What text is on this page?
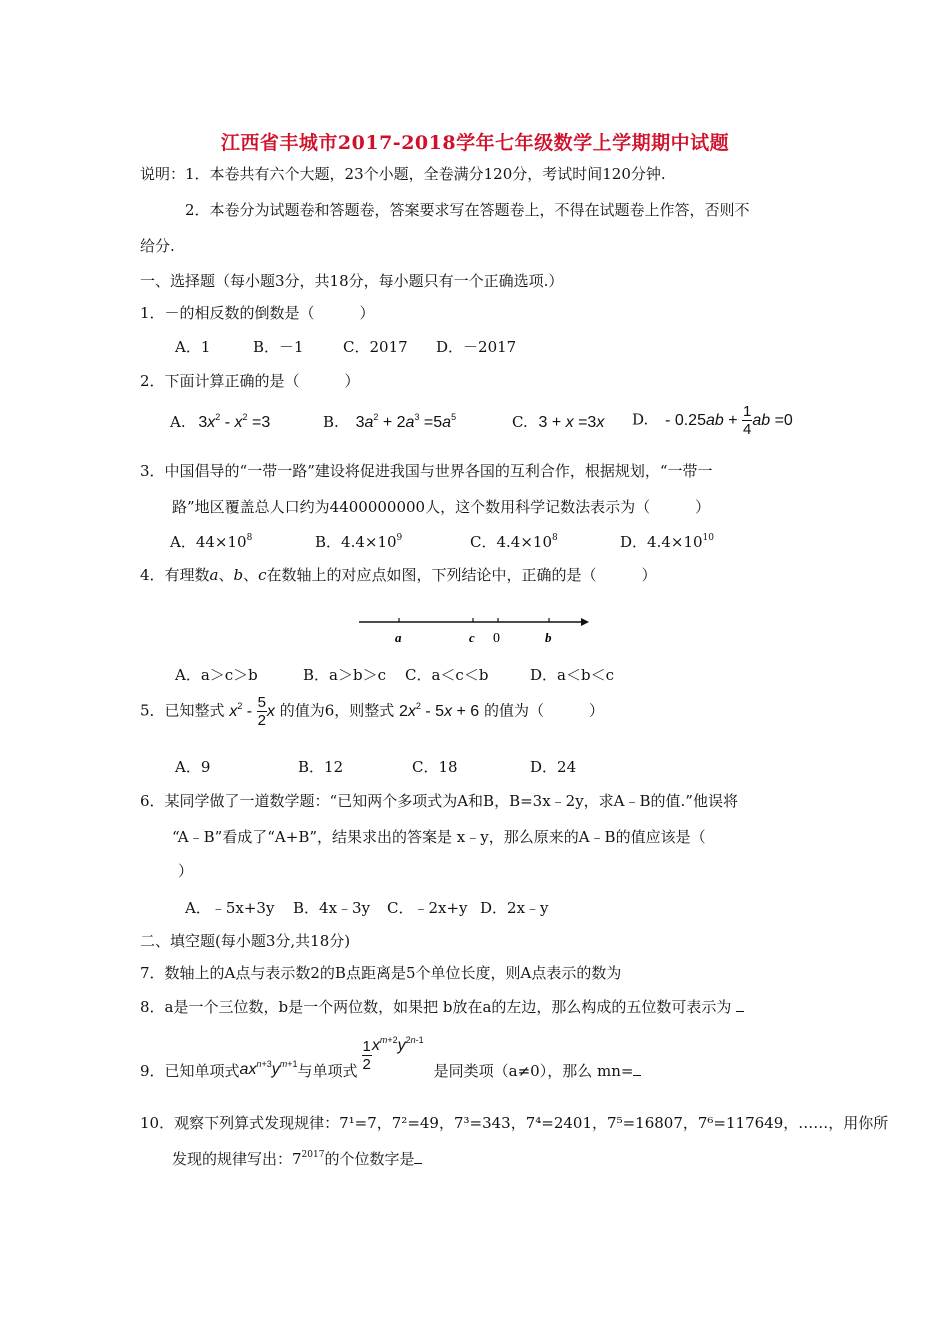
江西省丰城市2017-2018学年七年级数学上学期期中试题
说明：1．本卷共有六个大题，23个小题，全卷满分120分，考试时间120分钟.
2．本卷分为试题卷和答题卷，答案要求写在答题卷上，不得在试题卷上作答，否则不
给分.
一、选择题（每小题3分，共18分，每小题只有一个正确选项.）
1．－的相反数的倒数是（　　　）
A．1	B．－1	C．2017 D．－2017
2．下面计算正确的是（　　　）
A. $3x^2 - x^2 =3$	B. $3a^2 + 2a^3 =5a^5$	C. 3 + x =3x D. - $0.25ab + \frac{1}{4}$ ab =0
3．中国倡导的“一带一路”建设将促进我国与世界各国的互利合作，根据规划，“一带一
路”地区覆盖总人口约为4400000000人，这个数用科学记数法表示为（　　　）
A．$44\times 10^8$	B．$4.4\times 10^9$	C．$4.4\times 10^8$	D．$4.4\times 10^{10}$
4．有理数a、b、c在数轴上的对应点如图，下列结论中，正确的是（　　　）
a	c 0	b
A．a＞c＞b	B．a＞b＞c C．a＜c＜b	D．a＜b＜c
5．已知整式 $x^2 - \frac{5}{2}$ x 的值为6，则整式 $2x^2 - 5x + 6$ 的值为（　　　）
A．9	B．12	C．18	D．24
6．某同学做了一道数学题：“已知两个多项式为A和B，B=3x﹣2y，求A﹣B的值.”他误将
“A﹣B”看成了“A+B”，结果求出的答案是 x﹣y，那么原来的A﹣B的值应该是（
）
A．﹣5x+3y B．4x﹣3y C．﹣2x+y D．2x﹣y
二、填空题(每小题3分,共18分)
7．数轴上的A点与表示数2的B点距离是5个单位长度，则A点表示的数为
8．a是一个三位数，b是一个两位数，如果把 b放在a的左边，那么构成的五位数可表示为
9．已知单项式$ax^{n+3}y^{m+1}$与单项式 $\frac{1}{2} x^{m+2}y^{2n-1}$是同类项（a≠0），那么 mn=
10．观察下列算式发现规律：7¹=7，7²=49，7³=343，7⁴=2401，7⁵=16807，7⁶=117649，……，用你所
发现的规律写出：$7^{2017}$的个位数字是
